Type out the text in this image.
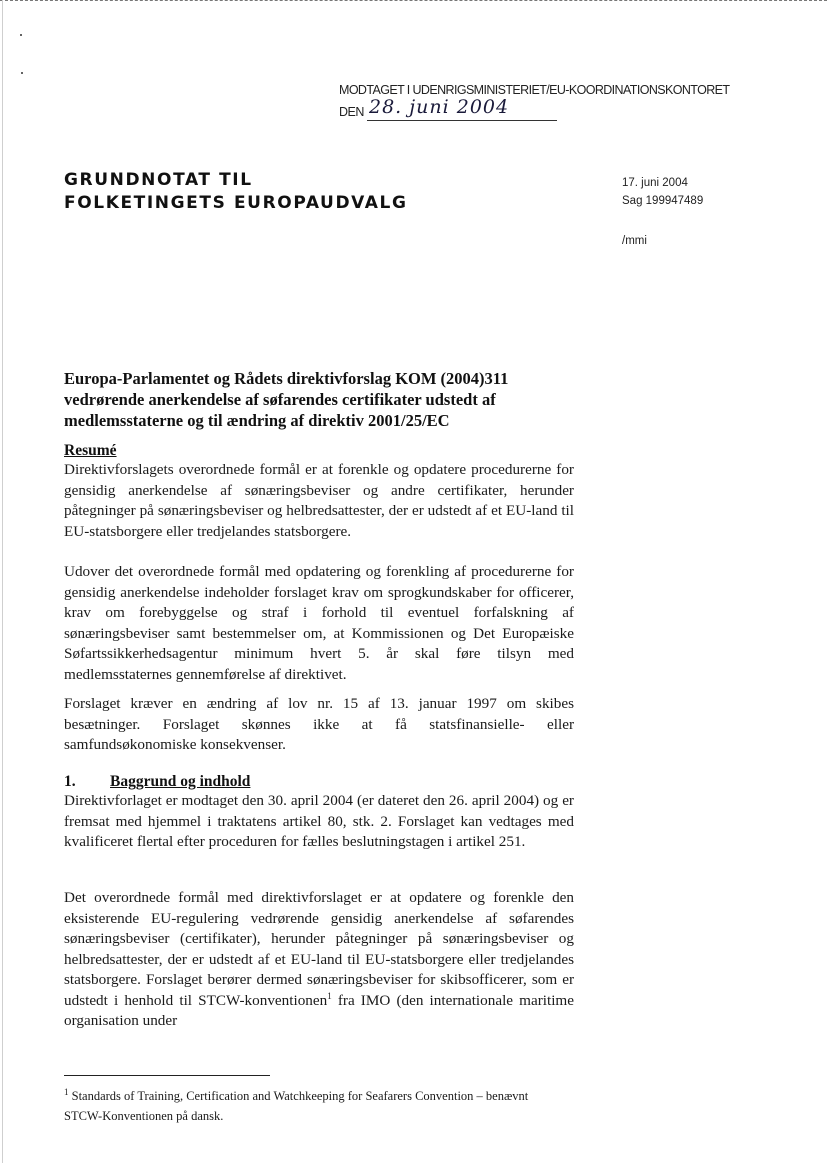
MODTAGET I UDENRIGSMINISTERIET/EU-KOORDINATIONSKONTORET
DEN 28. juni 2004
GRUNDNOTAT TIL
FOLKETINGETS EUROPAUDVALG
17. juni 2004
Sag 199947489
/mmi
Europa-Parlamentet og Rådets direktivforslag KOM (2004)311 vedrørende anerkendelse af søfarendes certifikater udstedt af medlemsstaterne og til ændring af direktiv 2001/25/EC
Resumé
Direktivforslagets overordnede formål er at forenkle og opdatere procedurerne for gensidig anerkendelse af sønæringsbeviser og andre certifikater, herunder påtegninger på sønæringsbeviser og helbredsattester, der er udstedt af et EU-land til EU-statsborgere eller tredjelandes statsborgere.
Udover det overordnede formål med opdatering og forenkling af procedurerne for gensidig anerkendelse indeholder forslaget krav om sprogkundskaber for officerer, krav om forebyggelse og straf i forhold til eventuel forfalskning af sønæringsbeviser samt bestemmelser om, at Kommissionen og Det Europæiske Søfartssikkerhedsagentur minimum hvert 5. år skal føre tilsyn med medlemsstaternes gennemførelse af direktivet.
Forslaget kræver en ændring af lov nr. 15 af 13. januar 1997 om skibes besætninger. Forslaget skønnes ikke at få statsfinansielle- eller samfundsøkonomiske konsekvenser.
1. Baggrund og indhold
Direktivforlaget er modtaget den 30. april 2004 (er dateret den 26. april 2004) og er fremsat med hjemmel i traktatens artikel 80, stk. 2. Forslaget kan vedtages med kvalificeret flertal efter proceduren for fælles beslutningstagen i artikel 251.
Det overordnede formål med direktivforslaget er at opdatere og forenkle den eksisterende EU-regulering vedrørende gensidig anerkendelse af søfarendes sønæringsbeviser (certifikater), herunder påtegninger på sønæringsbeviser og helbredsattester, der er udstedt af et EU-land til EU-statsborgere eller tredjelandes statsborgere. Forslaget berører dermed sønæringsbeviser for skibsofficerer, som er udstedt i henhold til STCW-konventionen$^1$ fra IMO (den internationale maritime organisation under
$^1$ Standards of Training, Certification and Watchkeeping for Seafarers Convention – benævnt STCW-Konventionen på dansk.
